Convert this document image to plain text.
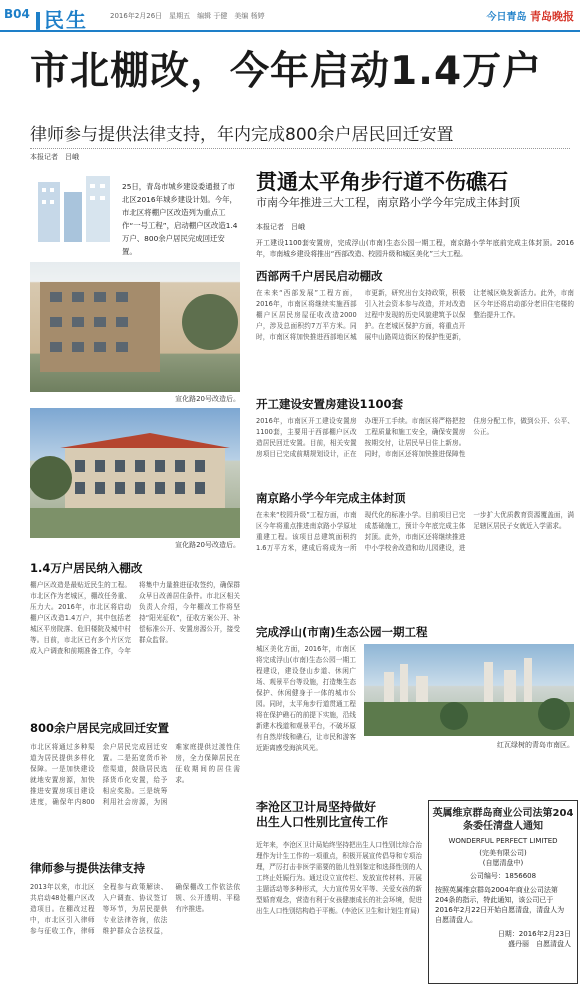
B04 民生	2016年2月26日　星期五　编辑 于健　美编 杨婷	今日青岛 青岛晚报
市北棚改，今年启动1.4万户
律师参与提供法律支持，年内完成800余户居民回迁安置
本报记者　吕峨
25日，青岛市城乡建设委通报了市北区2016年城乡建设计划。今年，市北区将棚户区改造列为重点工作“一号工程”，启动棚户区改造1.4万户、800余户居民完成回迁安置。
宣化路20号改造后。
宣化路20号改造后。
1.4万户居民纳入棚改
棚户区改造是最贴近民生的工程。市北区作为老城区，棚改任务重、压力大。2016年，市北区将启动棚户区改造1.4万户，其中包括老城区平房院落、危旧楼院及城中村等。目前，市北区已有多个片区完成入户调查和前期准备工作，今年将集中力量推进征收签约，确保群众早日改善居住条件。市北区相关负责人介绍，今年棚改工作将坚持“阳光征收”，征收方案公开、补偿标准公开、安置房源公开，接受群众监督。
800余户居民完成回迁安置
市北区将通过多种渠道为居民提供多样化保障。一是加快建设就地安置房源，加快推进安置房项目建设进度，确保年内800余户居民完成回迁安置。二是拓宽货币补偿渠道，鼓励居民选择货币化安置，给予相应奖励。三是统筹利用社会房源，为困难家庭提供过渡性住房，全力保障居民在征收期间的居住需求。
律师参与提供法律支持
2013年以来，市北区共启动48处棚户区改造项目。在棚改过程中，市北区引入律师参与征收工作，律师全程参与政策解读、入户调查、协议签订等环节，为居民提供专业法律咨询，依法维护群众合法权益，确保棚改工作依法依规、公开透明、平稳有序推进。
贯通太平角步行道不伤礁石
市南今年推进三大工程，南京路小学今年完成主体封顶
本报记者　吕峨
开工建设1100套安置房，完成浮山(市南)生态公园一期工程，南京路小学年底前完成主体封顶。2016年，市南城乡建设将推出“西部改造、校园升级和城区美化”三大工程。
西部两千户居民启动棚改
在未来“西部发展”工程方面，2016年，市南区将继续实施西部棚户区居民房屋征收改造2000户，涉及总面积约7万平方米。同时，市南区将加快推进西部地区城市更新，研究出台支持政策，积极引入社会资本参与改造，并对改造过程中发现的历史风貌建筑予以保护。在老城区保护方面，将重点开展中山路周边街区的保护性更新，让老城区焕发新活力。此外，市南区今年还将启动部分老旧住宅楼的整治提升工作。
开工建设安置房建设1100套
2016年，市南区开工建设安置房1100套，主要用于西部棚户区改造居民回迁安置。目前，相关安置房项目已完成前期规划设计，正在办理开工手续。市南区将严格把控工程质量和施工安全，确保安置房按期交付，让居民早日住上新房。同时，市南区还将加快推进保障性住房分配工作，做到公开、公平、公正。
南京路小学今年完成主体封顶
在未来“校园升级”工程方面，市南区今年将重点推进南京路小学原址重建工程。该项目总建筑面积约1.6万平方米，建成后将成为一所现代化的标准小学。目前项目已完成基础施工，预计今年底完成主体封顶。此外，市南区还将继续推进中小学校舍改造和幼儿园建设，进一步扩大优质教育资源覆盖面，满足辖区居民子女就近入学需求。
完成浮山(市南)生态公园一期工程
城区美化方面，2016年，市南区将完成浮山(市南)生态公园一期工程建设，建设登山步道、休闲广场、观景平台等设施，打造集生态保护、休闲健身于一体的城市公园。同时，太平角步行道贯通工程将在保护礁石的前提下实施，沿线新建木栈道和观景平台，不破坏原有自然岸线和礁石，让市民和游客近距离感受海滨风光。	红瓦绿树的青岛市南区。
李沧区卫计局坚持做好
出生人口性别比宣传工作
近年来，李沧区卫计局始终坚持把出生人口性别比综合治理作为计生工作的一项重点，积极开展宣传倡导和专项治理，严厉打击非医学需要的胎儿性别鉴定和选择性别的人工终止妊娠行为。通过设立宣传栏、发放宣传材料、开展主题活动等多种形式，大力宣传男女平等、关爱女孩的新型婚育观念，营造有利于女孩健康成长的社会环境，促进出生人口性别结构趋于平衡。(李沧区卫生和计划生育局)
英属维京群岛商业公司法第204条委任清盘人通知
WONDERFUL PERFECT LIMITED
(完美有限公司)
(自愿清盘中)
公司编号：1856608
按照英属维京群岛2004年商业公司法第204条的指示，特此通知，该公司已于2016年2月22日开始自愿清盘，清盘人为自愿清盘人。
日期：2016年2月23日
盛丹丽　自愿清盘人
